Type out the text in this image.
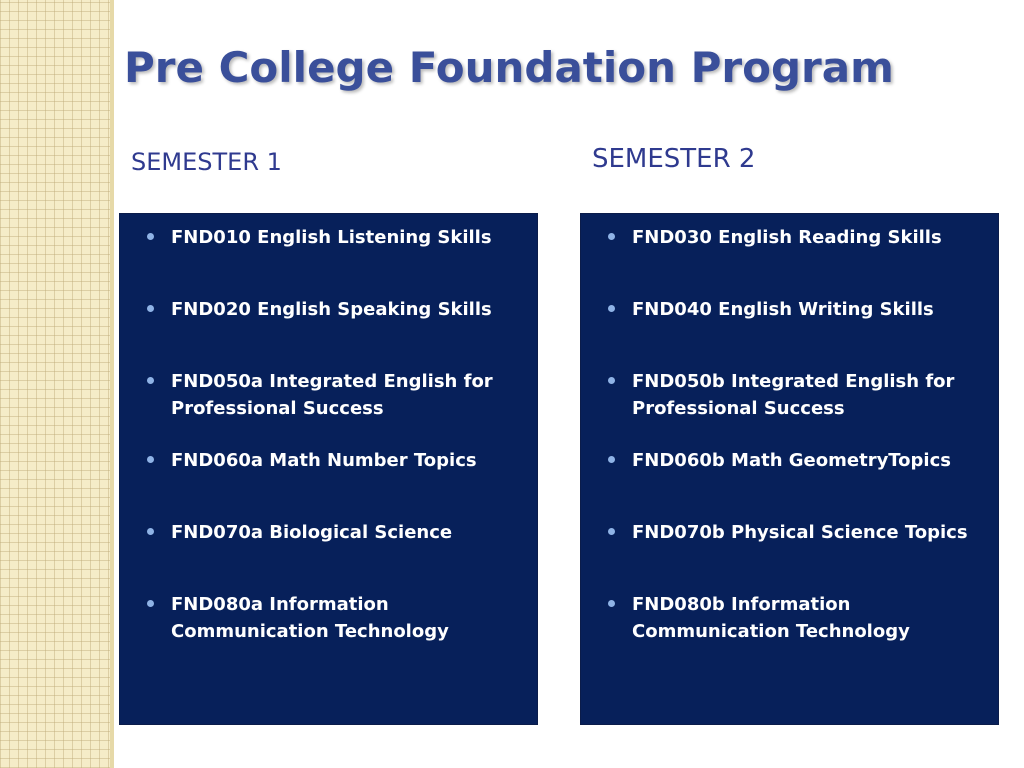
Pre College Foundation Program
SEMESTER 1	SEMESTER 2
FND010 English Listening Skills
FND020 English Speaking Skills
FND050a Integrated English for Professional Success
FND060a Math Number Topics
FND070a Biological Science
FND080a Information Communication Technology
FND030 English Reading Skills
FND040 English Writing Skills
FND050b Integrated English for Professional Success
FND060b Math GeometryTopics
FND070b Physical Science Topics
FND080b Information Communication Technology
